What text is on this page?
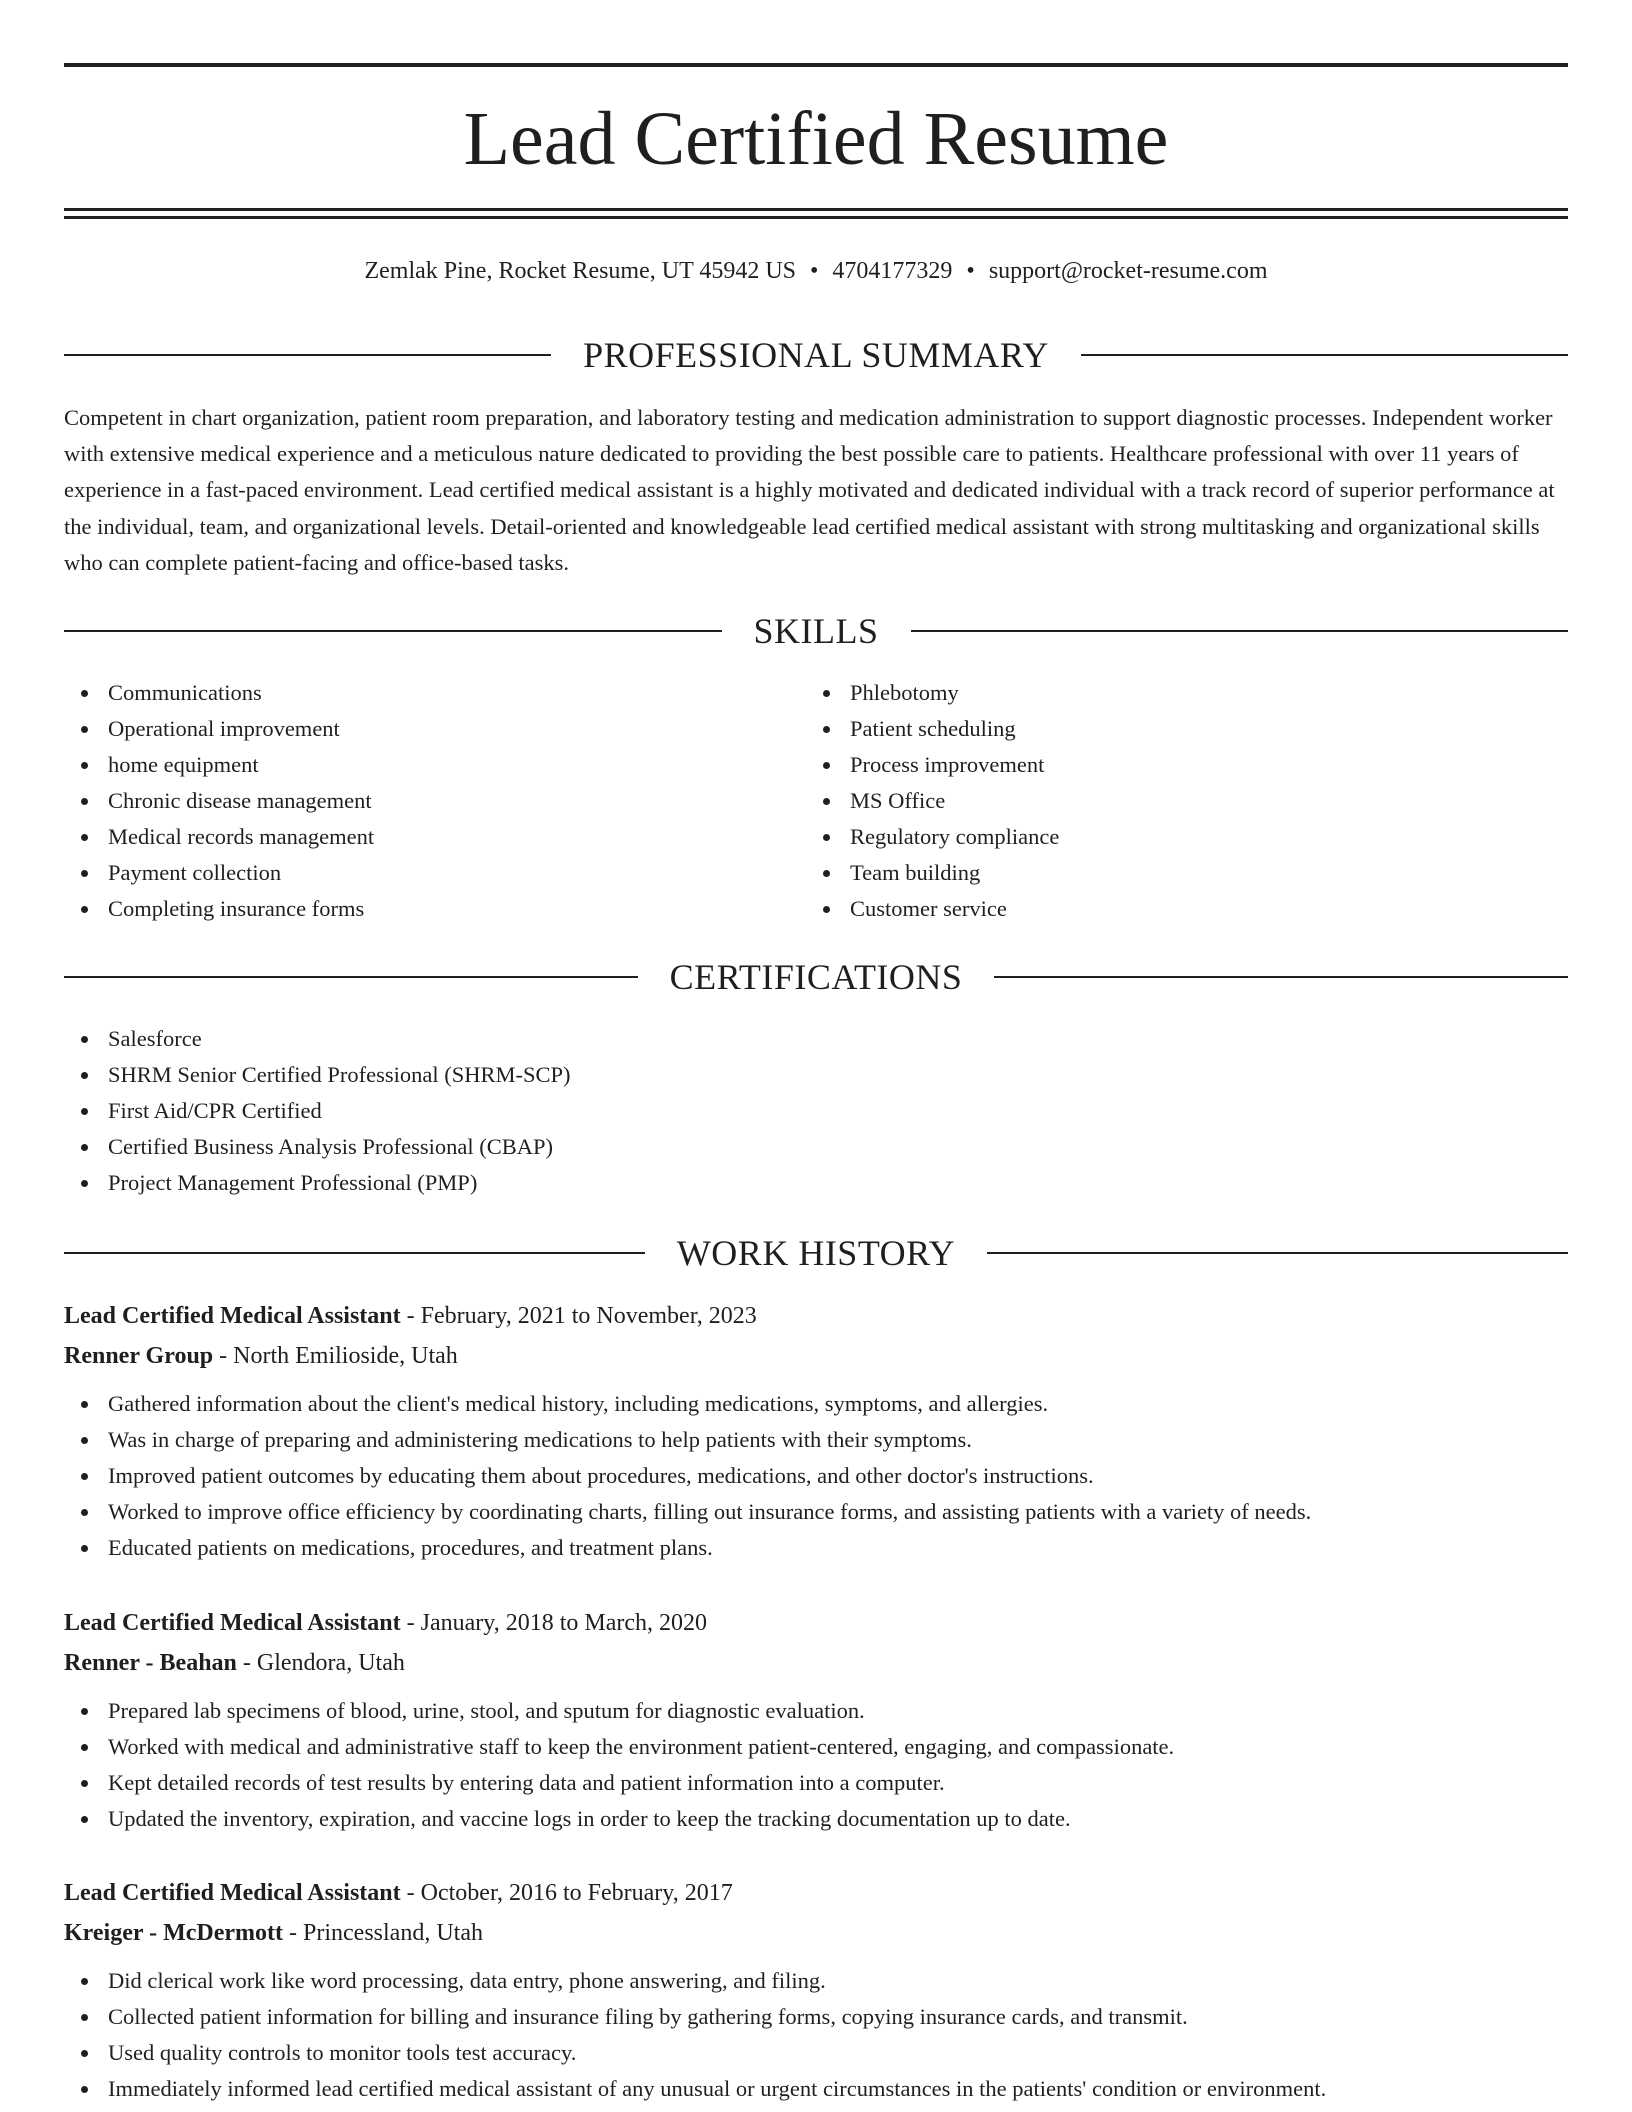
Lead Certified Resume
Zemlak Pine, Rocket Resume, UT 45942 US • 4704177329 • support@rocket-resume.com
PROFESSIONAL SUMMARY

Competent in chart organization, patient room preparation, and laboratory testing and medication administration to support diagnostic processes. Independent worker with extensive medical experience and a meticulous nature dedicated to providing the best possible care to patients. Healthcare professional with over 11 years of experience in a fast-paced environment. Lead certified medical assistant is a highly motivated and dedicated individual with a track record of superior performance at the individual, team, and organizational levels. Detail-oriented and knowledgeable lead certified medical assistant with strong multitasking and organizational skills who can complete patient-facing and office-based tasks.

SKILLS
Communications
Operational improvement
home equipment
Chronic disease management
Medical records management
Payment collection
Completing insurance forms
Phlebotomy
Patient scheduling
Process improvement
MS Office
Regulatory compliance
Team building
Customer service
CERTIFICATIONS
Salesforce
SHRM Senior Certified Professional (SHRM-SCP)
First Aid/CPR Certified
Certified Business Analysis Professional (CBAP)
Project Management Professional (PMP)
WORK HISTORY
Lead Certified Medical Assistant - February, 2021 to November, 2023
Renner Group - North Emilioside, Utah
Gathered information about the client's medical history, including medications, symptoms, and allergies.
Was in charge of preparing and administering medications to help patients with their symptoms.
Improved patient outcomes by educating them about procedures, medications, and other doctor's instructions.
Worked to improve office efficiency by coordinating charts, filling out insurance forms, and assisting patients with a variety of needs.
Educated patients on medications, procedures, and treatment plans.
Lead Certified Medical Assistant - January, 2018 to March, 2020
Renner - Beahan - Glendora, Utah
Prepared lab specimens of blood, urine, stool, and sputum for diagnostic evaluation.
Worked with medical and administrative staff to keep the environment patient-centered, engaging, and compassionate.
Kept detailed records of test results by entering data and patient information into a computer.
Updated the inventory, expiration, and vaccine logs in order to keep the tracking documentation up to date.
Lead Certified Medical Assistant - October, 2016 to February, 2017
Kreiger - McDermott - Princessland, Utah
Did clerical work like word processing, data entry, phone answering, and filing.
Collected patient information for billing and insurance filing by gathering forms, copying insurance cards, and transmit.
Used quality controls to monitor tools test accuracy.
Immediately informed lead certified medical assistant of any unusual or urgent circumstances in the patients' condition or environment.
